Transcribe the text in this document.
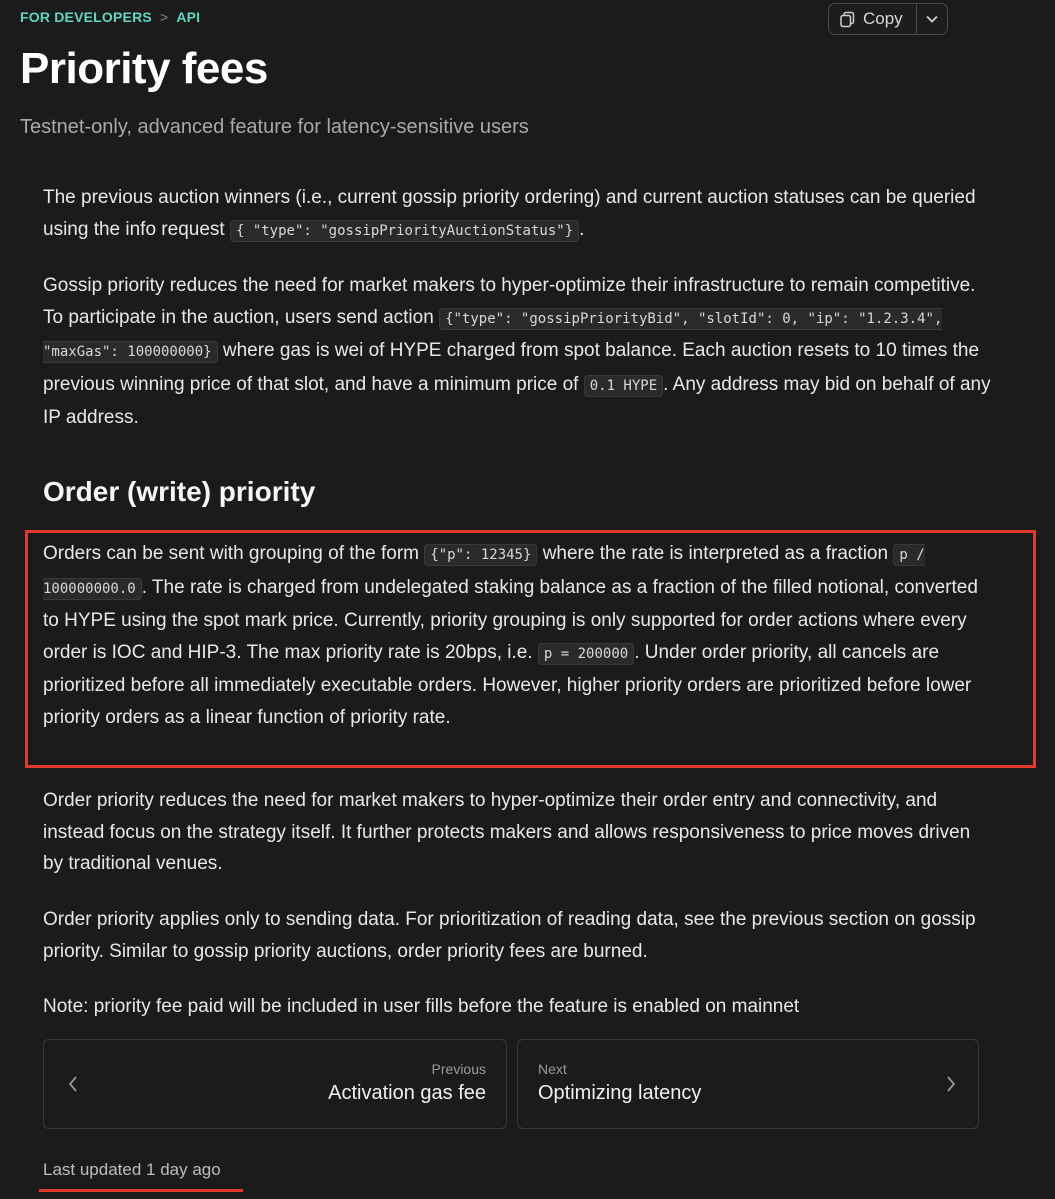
FOR DEVELOPERS > API	Copy
Priority fees

Testnet-only, advanced feature for latency-sensitive users

The previous auction winners (i.e., current gossip priority ordering) and current auction statuses can be queried using the info request { "type": "gossipPriorityAuctionStatus"} .

Gossip priority reduces the need for market makers to hyper-optimize their infrastructure to remain competitive. To participate in the auction, users send action {"type": "gossipPriorityBid", "slotId": 0, "ip": "1.2.3.4", "maxGas": 100000000} where gas is wei of HYPE charged from spot balance. Each auction resets to 10 times the previous winning price of that slot, and have a minimum price of 0.1 HYPE . Any address may bid on behalf of any IP address.

Order (write) priority

Orders can be sent with grouping of the form {"p": 12345} where the rate is interpreted as a fraction p / 100000000.0 . The rate is charged from undelegated staking balance as a fraction of the filled notional, converted to HYPE using the spot mark price. Currently, priority grouping is only supported for order actions where every order is IOC and HIP-3. The max priority rate is 20bps, i.e. p = 200000 . Under order priority, all cancels are prioritized before all immediately executable orders. However, higher priority orders are prioritized before lower priority orders as a linear function of priority rate.

Order priority reduces the need for market makers to hyper-optimize their order entry and connectivity, and instead focus on the strategy itself. It further protects makers and allows responsiveness to price moves driven by traditional venues.

Order priority applies only to sending data. For prioritization of reading data, see the previous section on gossip priority. Similar to gossip priority auctions, order priority fees are burned.

Note: priority fee paid will be included in user fills before the feature is enabled on mainnet

Previous
Activation gas fee
Next
Optimizing latency
Last updated 1 day ago
